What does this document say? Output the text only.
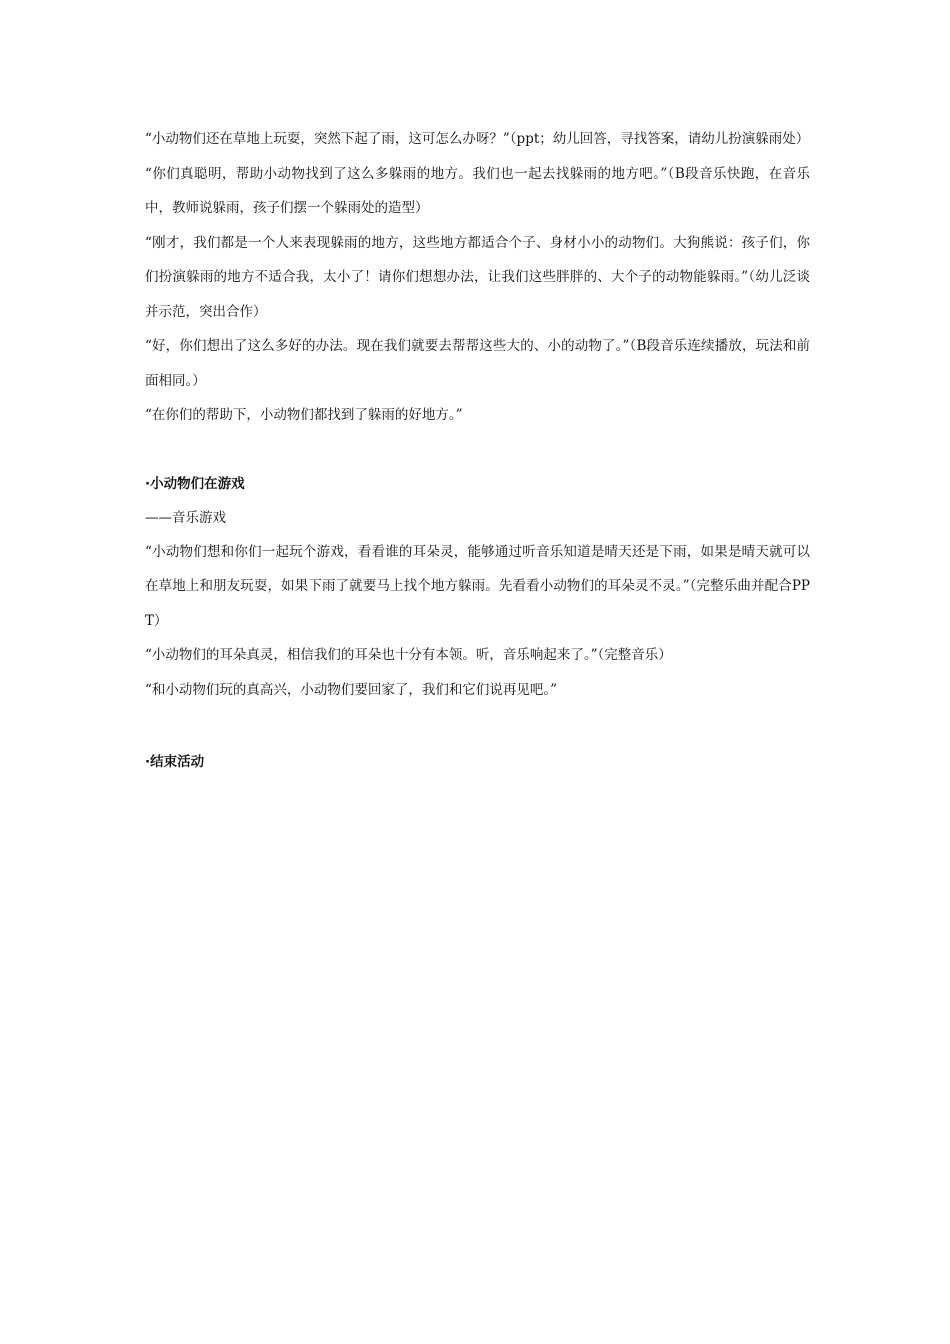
“小动物们还在草地上玩耍，突然下起了雨，这可怎么办呀？”（ppt；幼儿回答，寻找答案，请幼儿扮演躲雨处）

“你们真聪明，帮助小动物找到了这么多躲雨的地方。我们也一起去找躲雨的地方吧。”（B段音乐快跑，在音乐中，教师说躲雨，孩子们摆一个躲雨处的造型）

“刚才，我们都是一个人来表现躲雨的地方，这些地方都适合个子、身材小小的动物们。大狗熊说：孩子们，你们扮演躲雨的地方不适合我，太小了！请你们想想办法，让我们这些胖胖的、大个子的动物能躲雨。”（幼儿泛谈并示范，突出合作）

“好，你们想出了这么多好的办法。现在我们就要去帮帮这些大的、小的动物了。”（B段音乐连续播放，玩法和前面相同。）

“在你们的帮助下，小动物们都找到了躲雨的好地方。”

·小动物们在游戏

——音乐游戏

“小动物们想和你们一起玩个游戏，看看谁的耳朵灵，能够通过听音乐知道是晴天还是下雨，如果是晴天就可以在草地上和朋友玩耍，如果下雨了就要马上找个地方躲雨。先看看小动物们的耳朵灵不灵。”（完整乐曲并配合PPT）

“小动物们的耳朵真灵，相信我们的耳朵也十分有本领。听，音乐响起来了。”（完整音乐）

“和小动物们玩的真高兴，小动物们要回家了，我们和它们说再见吧。”

·结束活动
